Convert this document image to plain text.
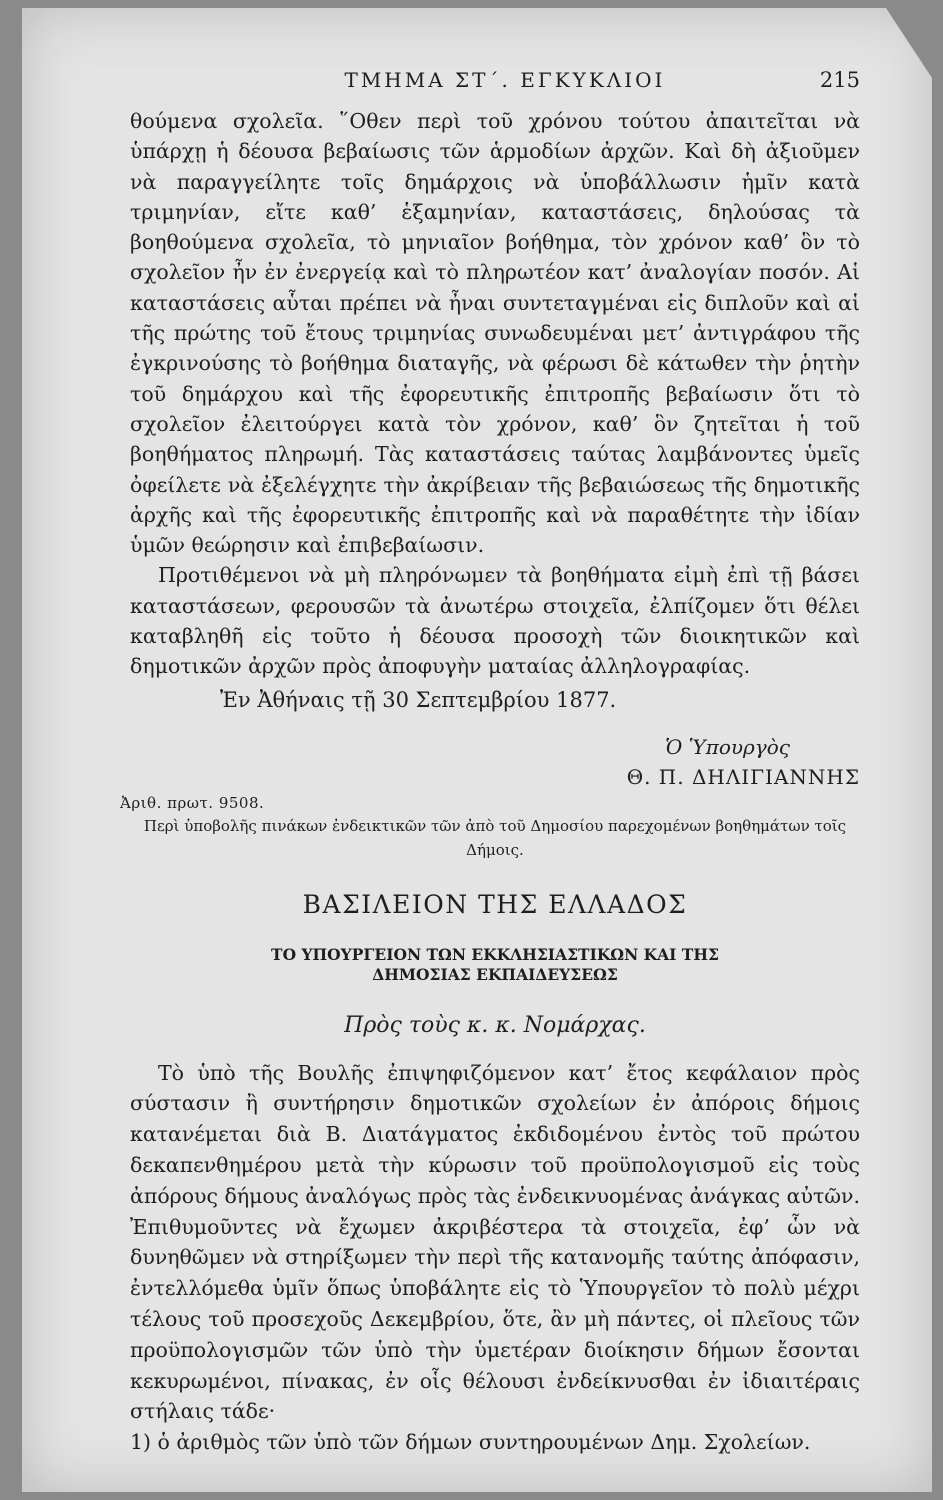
ΤΜΗΜΑ ΣΤ΄. ΕΓΚΥΚΛΙΟΙ	215

θούμενα σχολεῖα. ῞Οθεν περὶ τοῦ χρόνου τούτου ἀπαιτεῖται νὰ ὑπάρχῃ ἡ δέουσα βεβαίωσις τῶν ἁρμοδίων ἀρχῶν. Καὶ δὴ ἀξιοῦμεν νὰ παραγγείλητε τοῖς δημάρχοις νὰ ὑποβάλλωσιν ἡμῖν κατὰ τριμηνίαν, εἴτε καθ’ ἑξαμηνίαν, καταστάσεις, δηλούσας τὰ βοηθούμενα σχολεῖα, τὸ μηνιαῖον βοήθημα, τὸν χρόνον καθ’ ὃν τὸ σχολεῖον ἦν ἐν ἐνεργείᾳ καὶ τὸ πληρωτέον κατ’ ἀναλογίαν ποσόν. Αἱ καταστάσεις αὗται πρέπει νὰ ἦναι συντεταγμέναι εἰς διπλοῦν καὶ αἱ τῆς πρώτης τοῦ ἔτους τριμηνίας συνωδευμέναι μετ’ ἀντιγράφου τῆς ἐγκρινούσης τὸ βοήθημα διαταγῆς, νὰ φέρωσι δὲ κάτωθεν τὴν ῥητὴν τοῦ δημάρχου καὶ τῆς ἐφορευτικῆς ἐπιτροπῆς βεβαίωσιν ὅτι τὸ σχολεῖον ἐλειτούργει κατὰ τὸν χρόνον, καθ’ ὃν ζητεῖται ἡ τοῦ βοηθήματος πληρωμή. Τὰς καταστάσεις ταύτας λαμβάνοντες ὑμεῖς ὀφείλετε νὰ ἐξελέγχητε τὴν ἀκρίβειαν τῆς βεβαιώσεως τῆς δημοτικῆς ἀρχῆς καὶ τῆς ἐφορευτικῆς ἐπιτροπῆς καὶ νὰ παραθέτητε τὴν ἰδίαν ὑμῶν θεώρησιν καὶ ἐπιβεβαίωσιν.

Προτιθέμενοι νὰ μὴ πληρόνωμεν τὰ βοηθήματα εἰμὴ ἐπὶ τῇ βάσει καταστάσεων, φερουσῶν τὰ ἀνωτέρω στοιχεῖα, ἐλπίζομεν ὅτι θέλει καταβληθῆ εἰς τοῦτο ἡ δέουσα προσοχὴ τῶν διοικητικῶν καὶ δημοτικῶν ἀρχῶν πρὸς ἀποφυγὴν ματαίας ἀλληλογραφίας.

Ἐν Ἀθήναις τῇ 30 Σεπτεμβρίου 1877.

Ὁ Ὑπουργὸς
Θ. Π. ΔΗΛΙΓΙΑΝΝΗΣ
Ἀριθ. πρωτ. 9508.

Περὶ ὑποβολῆς πινάκων ἐνδεικτικῶν τῶν ἀπὸ τοῦ Δημοσίου παρεχομένων βοηθημάτων τοῖς Δήμοις.

ΒΑΣΙΛΕΙΟΝ ΤΗΣ ΕΛΛΑΔΟΣ
ΤΟ ΥΠΟΥΡΓΕΙΟΝ ΤΩΝ ΕΚΚΛΗΣΙΑΣΤΙΚΩΝ ΚΑΙ ΤΗΣ
ΔΗΜΟΣΙΑΣ ΕΚΠΑΙΔΕΥΣΕΩΣ
Πρὸς τοὺς κ. κ. Νομάρχας.

Τὸ ὑπὸ τῆς Βουλῆς ἐπιψηφιζόμενον κατ’ ἔτος κεφάλαιον πρὸς σύστασιν ἢ συντήρησιν δημοτικῶν σχολείων ἐν ἀπόροις δήμοις κατανέμεται διὰ Β. Διατάγματος ἐκδιδομένου ἐντὸς τοῦ πρώτου δεκαπενθημέρου μετὰ τὴν κύρωσιν τοῦ προϋπολογισμοῦ εἰς τοὺς ἀπόρους δήμους ἀναλόγως πρὸς τὰς ἐνδεικνυομένας ἀνάγκας αὐτῶν. Ἐπιθυμοῦντες νὰ ἔχωμεν ἀκριβέστερα τὰ στοιχεῖα, ἐφ’ ὧν νὰ δυνηθῶμεν νὰ στηρίξωμεν τὴν περὶ τῆς κατανομῆς ταύτης ἀπόφασιν, ἐντελλόμεθα ὑμῖν ὅπως ὑποβάλητε εἰς τὸ Ὑπουργεῖον τὸ πολὺ μέχρι τέλους τοῦ προσεχοῦς Δεκεμβρίου, ὅτε, ἂν μὴ πάντες, οἱ πλεῖους τῶν προϋπολογισμῶν τῶν ὑπὸ τὴν ὑμετέραν διοίκησιν δήμων ἔσονται κεκυρωμένοι, πίνακας, ἐν οἷς θέλουσι ἐνδείκνυσθαι ἐν ἰδιαιτέραις στήλαις τάδε·

1) ὁ ἀριθμὸς τῶν ὑπὸ τῶν δήμων συντηρουμένων Δημ. Σχολείων.
